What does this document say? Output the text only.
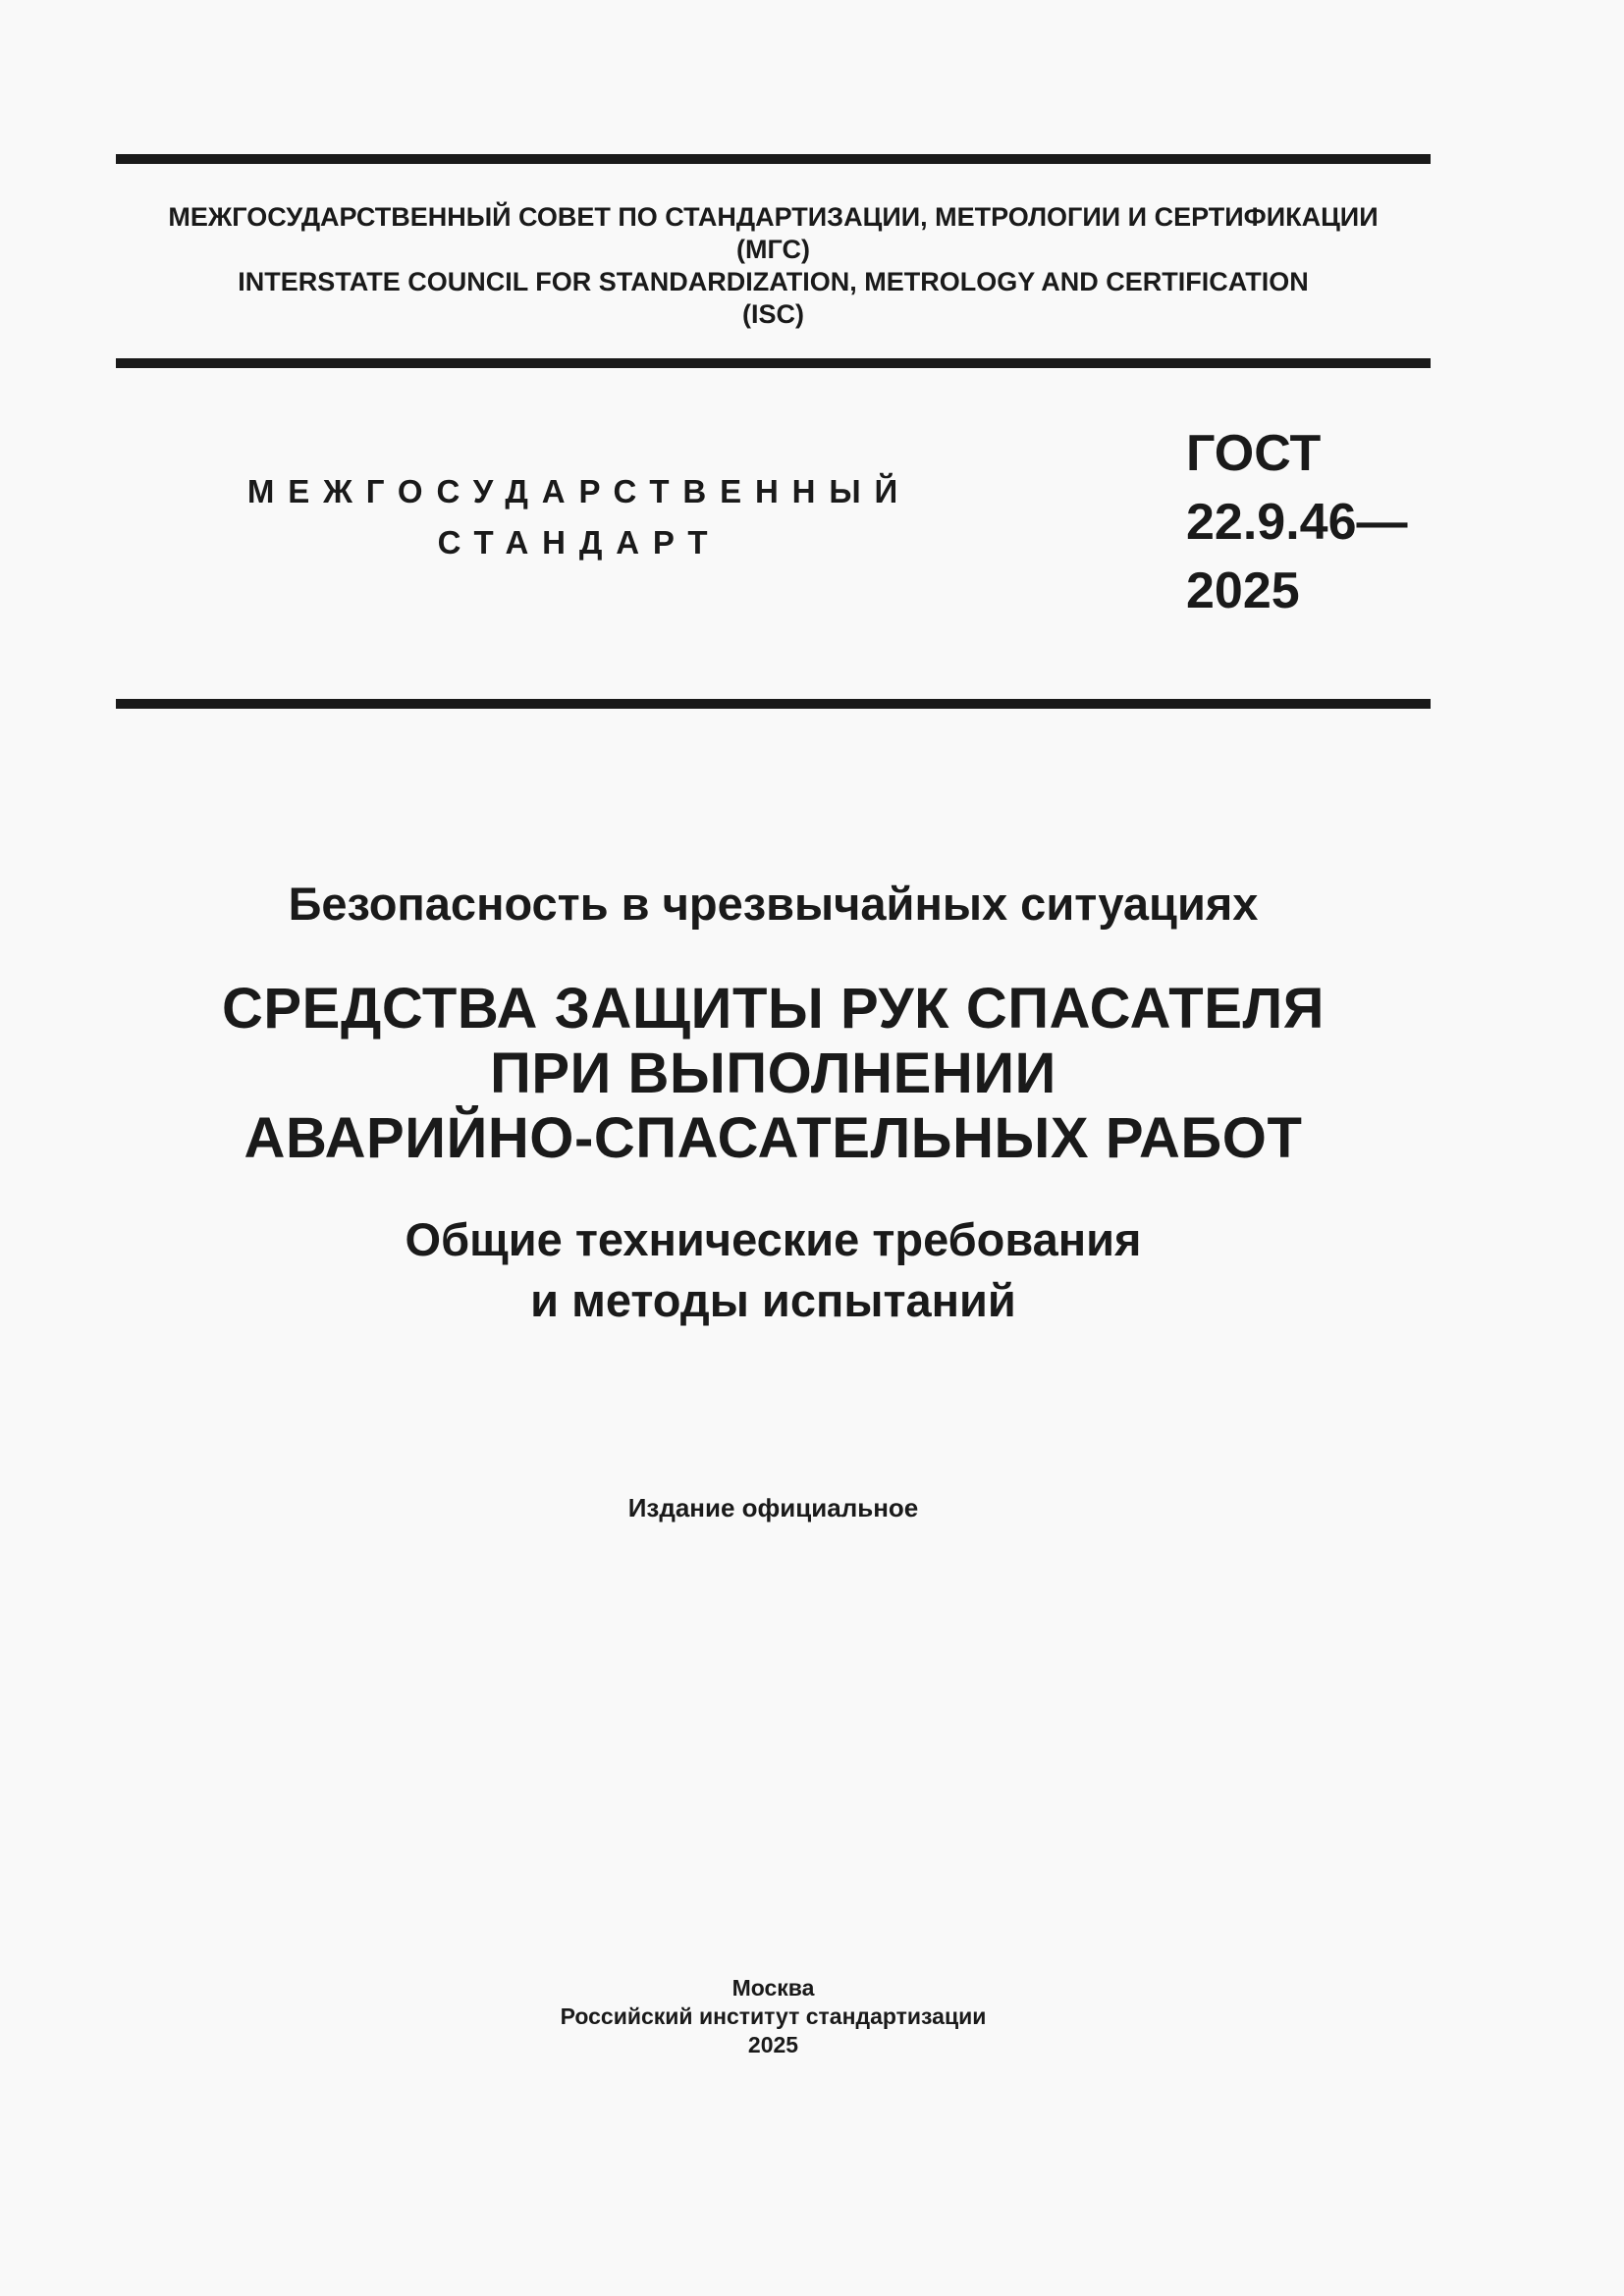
МЕЖГОСУДАРСТВЕННЫЙ СОВЕТ ПО СТАНДАРТИЗАЦИИ, МЕТРОЛОГИИ И СЕРТИФИКАЦИИ
(МГС)
INTERSTATE COUNCIL FOR STANDARDIZATION, METROLOGY AND CERTIFICATION
(ISC)
МЕЖГОСУДАРСТВЕННЫЙ
СТАНДАРТ
ГОСТ
22.9.46—
2025
Безопасность в чрезвычайных ситуациях
СРЕДСТВА ЗАЩИТЫ РУК СПАСАТЕЛЯ
ПРИ ВЫПОЛНЕНИИ
АВАРИЙНО-СПАСАТЕЛЬНЫХ РАБОТ
Общие технические требования
и методы испытаний
Издание официальное
Москва
Российский институт стандартизации
2025
